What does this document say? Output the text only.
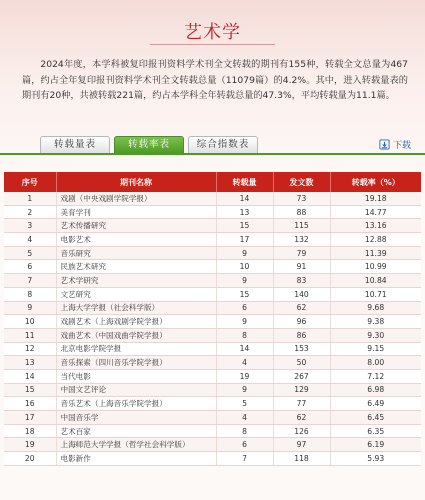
艺术学

2024年度，本学科被复印报刊资料学术刊全文转载的期刊有155种，转载全文总量为467篇，约占全年复印报刊资料学术刊全文转载总量（11079篇）的4.2%。其中，进入转载量表的期刊有20种，共被转载221篇，约占本学科全年转载总量的47.3%，平均转载量为11.1篇。

转载量表	转载率表	综合指数表	下载
序号	期刊名称	转载量	发文数	转载率（%）
1	戏剧（中央戏剧学院学报）	14	73	19.18
2	美育学刊	13	88	14.77
3	艺术传播研究	15	115	13.16
4	电影艺术	17	132	12.88
5	音乐研究	9	79	11.39
6	民族艺术研究	10	91	10.99
7	艺术学研究	9	83	10.84
8	文艺研究	15	140	10.71
9	上海大学学报（社会科学版）	6	62	9.68
10	戏剧艺术（上海戏剧学院学报）	9	96	9.38
11	戏曲艺术（中国戏曲学院学报）	8	86	9.30
12	北京电影学院学报	14	153	9.15
13	音乐探索（四川音乐学院学报）	4	50	8.00
14	当代电影	19	267	7.12
15	中国文艺评论	9	129	6.98
16	音乐艺术（上海音乐学院学报）	5	77	6.49
17	中国音乐学	4	62	6.45
18	艺术百家	8	126	6.35
19	上海师范大学学报（哲学社会科学版）	6	97	6.19
20	电影新作	7	118	5.93
